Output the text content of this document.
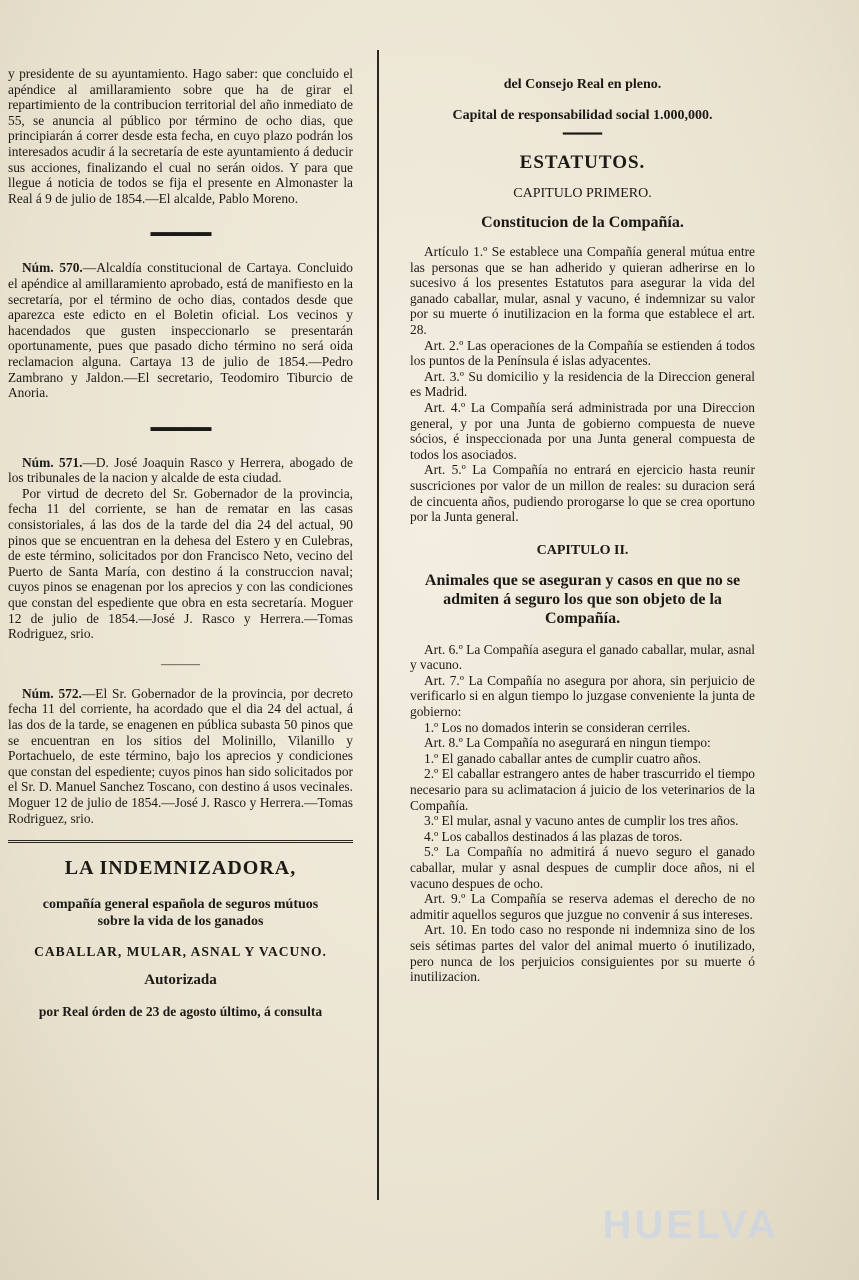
y presidente de su ayuntamiento. Hago saber: que concluido el apéndice al amillaramiento sobre que ha de girar el repartimiento de la contribucion territorial del año inmediato de 55, se anuncia al público por término de ocho dias, que principiarán á correr desde esta fecha, en cuyo plazo podrán los interesados acudir á la secretaría de este ayuntamiento á deducir sus acciones, finalizando el cual no serán oidos. Y para que llegue á noticia de todos se fija el presente en Almonaster la Real á 9 de julio de 1854.—El alcalde, Pablo Moreno.

▬▬▬▬▬

Núm. 570.—Alcaldía constitucional de Cartaya. Concluido el apéndice al amillaramiento aprobado, está de manifiesto en la secretaría, por el término de ocho dias, contados desde que aparezca este edicto en el Boletin oficial. Los vecinos y hacendados que gusten inspeccionarlo se presentarán oportunamente, pues que pasado dicho término no será oida reclamacion alguna. Cartaya 13 de julio de 1854.—Pedro Zambrano y Jaldon.—El secretario, Teodomiro Tiburcio de Anoria.

▬▬▬▬▬

Núm. 571.—D. José Joaquin Rasco y Herrera, abogado de los tribunales de la nacion y alcalde de esta ciudad.

Por virtud de decreto del Sr. Gobernador de la provincia, fecha 11 del corriente, se han de rematar en las casas consistoriales, á las dos de la tarde del dia 24 del actual, 90 pinos que se encuentran en la dehesa del Estero y en Culebras, de este término, solicitados por don Francisco Neto, vecino del Puerto de Santa María, con destino á la construccion naval; cuyos pinos se enagenan por los aprecios y con las condiciones que constan del espediente que obra en esta secretaría. Moguer 12 de julio de 1854.—José J. Rasco y Herrera.—Tomas Rodriguez, srio.

———

Núm. 572.—El Sr. Gobernador de la provincia, por decreto fecha 11 del corriente, ha acordado que el dia 24 del actual, á las dos de la tarde, se enagenen en pública subasta 50 pinos que se encuentran en los sitios del Molinillo, Vilanillo y Portachuelo, de este término, bajo los aprecios y condiciones que constan del espediente; cuyos pinos han sido solicitados por el Sr. D. Manuel Sanchez Toscano, con destino á usos vecinales. Moguer 12 de julio de 1854.—José J. Rasco y Herrera.—Tomas Rodriguez, srio.

LA INDEMNIZADORA,
compañía general española de seguros mútuos sobre la vida de los ganados
CABALLAR, MULAR, ASNAL Y VACUNO.
Autorizada
por Real órden de 23 de agosto último, á consulta
del Consejo Real en pleno.
Capital de responsabilidad social 1.000,000.
━━━━━
ESTATUTOS.
CAPITULO PRIMERO.
Constitucion de la Compañía.

Artículo 1.º Se establece una Compañía general mútua entre las personas que se han adherido y quieran adherirse en lo sucesivo á los presentes Estatutos para asegurar la vida del ganado caballar, mular, asnal y vacuno, é indemnizar su valor por su muerte ó inutilizacion en la forma que establece el art. 28.

Art. 2.º Las operaciones de la Compañía se estienden á todos los puntos de la Península é islas adyacentes.

Art. 3.º Su domicilio y la residencia de la Direccion general es Madrid.

Art. 4.º La Compañía será administrada por una Direccion general, y por una Junta de gobierno compuesta de nueve sócios, é inspeccionada por una Junta general compuesta de todos los asociados.

Art. 5.º La Compañía no entrará en ejercicio hasta reunir suscriciones por valor de un millon de reales: su duracion será de cincuenta años, pudiendo prorogarse lo que se crea oportuno por la Junta general.

CAPITULO II.
Animales que se aseguran y casos en que no se admiten á seguro los que son objeto de la Compañía.

Art. 6.º La Compañía asegura el ganado caballar, mular, asnal y vacuno.

Art. 7.º La Compañía no asegura por ahora, sin perjuicio de verificarlo si en algun tiempo lo juzgase conveniente la junta de gobierno:

1.º Los no domados interin se consideran cerriles.

Art. 8.º La Compañía no asegurará en ningun tiempo:

1.º El ganado caballar antes de cumplir cuatro años.

2.º El caballar estrangero antes de haber trascurrido el tiempo necesario para su aclimatacion á juicio de los veterinarios de la Compañía.

3.º El mular, asnal y vacuno antes de cumplir los tres años.

4.º Los caballos destinados á las plazas de toros.

5.º La Compañía no admitirá á nuevo seguro el ganado caballar, mular y asnal despues de cumplir doce años, ni el vacuno despues de ocho.

Art. 9.º La Compañía se reserva ademas el derecho de no admitir aquellos seguros que juzgue no convenir á sus intereses.

Art. 10. En todo caso no responde ni indemniza sino de los seis sétimas partes del valor del animal muerto ó inutilizado, pero nunca de los perjuicios consiguientes por su muerte ó inutilizacion.

HUELVA
